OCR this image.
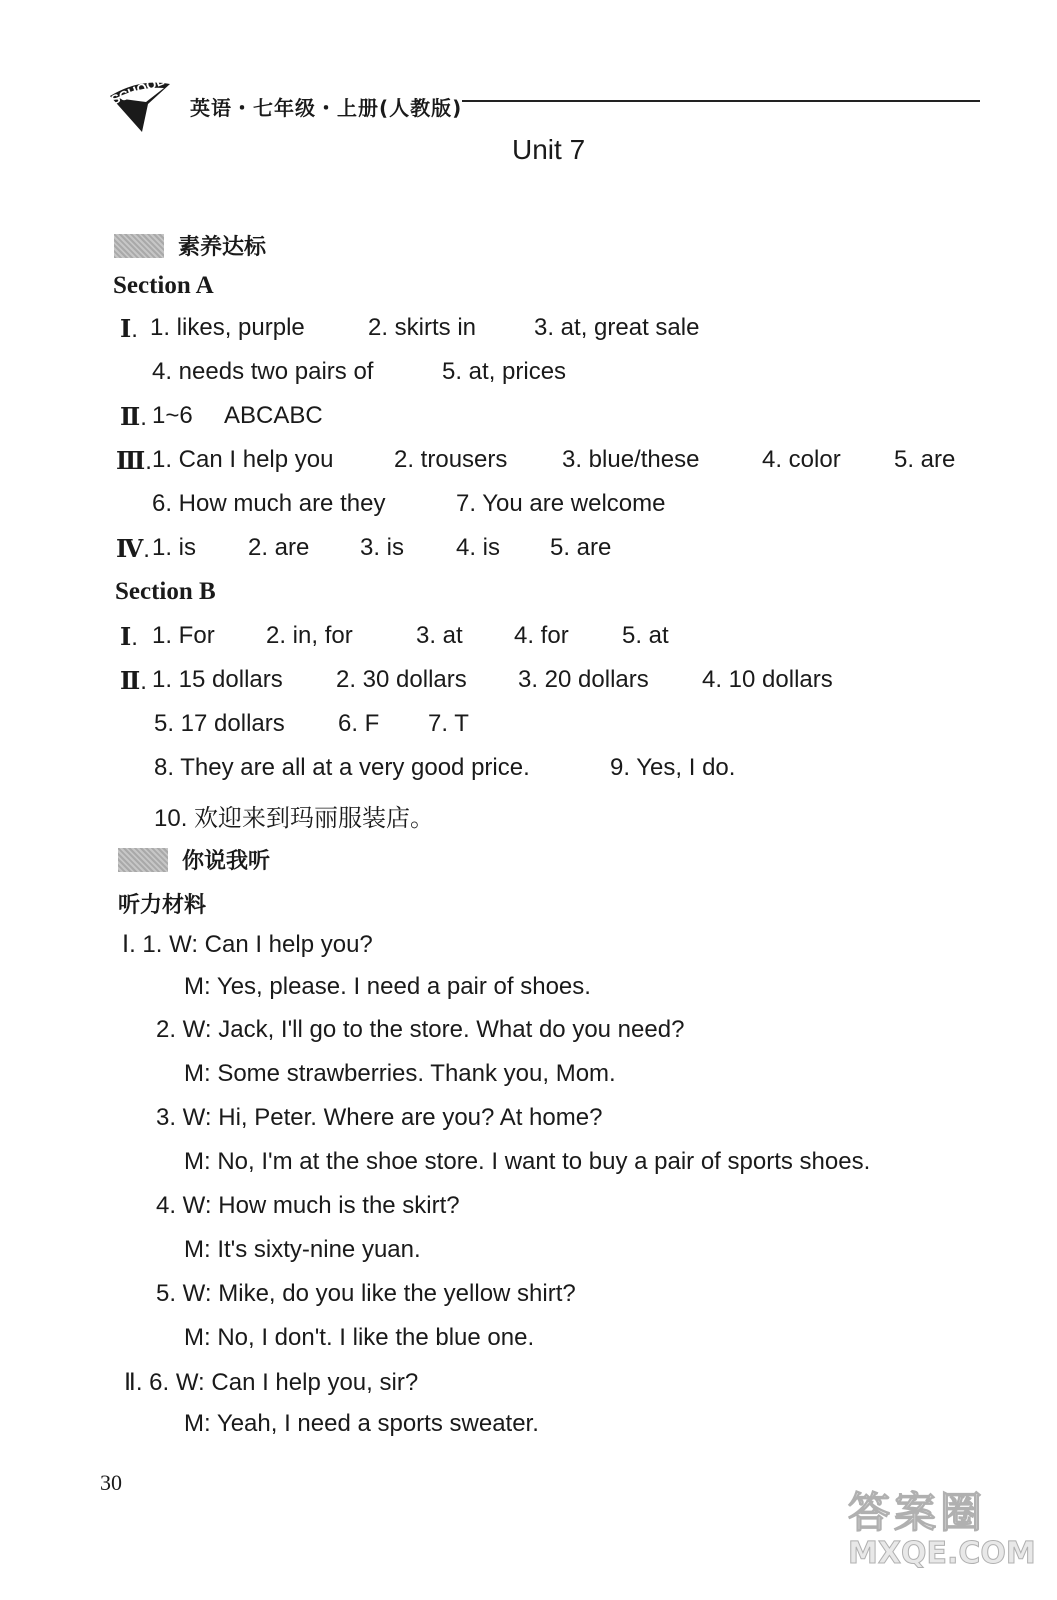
SCHOOL
英语・七年级・上册(人教版)
Unit 7
素养达标
Section A
Ⅰ. 1. likes, purple	2. skirts in 3. at, great sale
4. needs two pairs of	5. at, prices
Ⅱ. 1~6 ABCABC
Ⅲ. 1. Can I help you	2. trousers 3. blue/these	4. color 5. are
6. How much are they	7. You are welcome
Ⅳ. 1. is 2. are 3. is 4. is 5. are
Section B
Ⅰ. 1. For 2. in, for	3. at 4. for 5. at
Ⅱ. 1. 15 dollars 2. 30 dollars 3. 20 dollars 4. 10 dollars
5. 17 dollars 6. F 7. T
8. They are all at a very good price.	9. Yes, I do.
10. 欢迎来到玛丽服装店。
你说我听
听力材料
Ⅰ. 1. W: Can I help you?
M: Yes, please. I need a pair of shoes.
2. W: Jack, I'll go to the store. What do you need?
M: Some strawberries. Thank you, Mom.
3. W: Hi, Peter. Where are you? At home?
M: No, I'm at the shoe store. I want to buy a pair of sports shoes.
4. W: How much is the skirt?
M: It's sixty-nine yuan.
5. W: Mike, do you like the yellow shirt?
M: No, I don't. I like the blue one.
Ⅱ. 6. W: Can I help you, sir?
M: Yeah, I need a sports sweater.
30
答案圈
MXQE.COM
